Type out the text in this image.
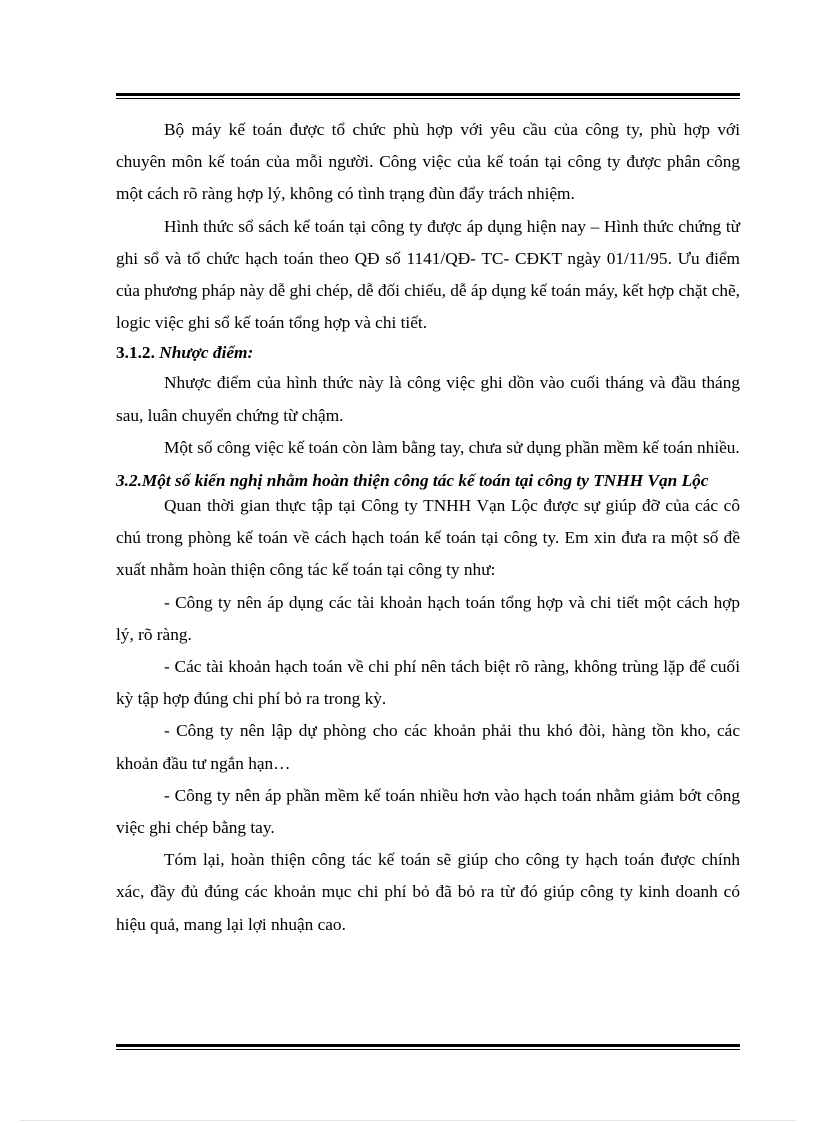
Bộ máy kế toán được tổ chức phù hợp với yêu cầu của công ty, phù hợp với chuyên môn kế toán của mỗi người. Công việc của kế toán tại công ty được phân công một cách rõ ràng hợp lý, không có tình trạng đùn đẩy trách nhiệm.

Hình thức sổ sách kế toán tại công ty được áp dụng hiện nay – Hình thức chứng từ ghi sổ và tổ chức hạch toán theo QĐ số 1141/QĐ- TC- CĐKT ngày 01/11/95. Ưu điểm của phương pháp này dễ ghi chép, dễ đối chiếu, dễ áp dụng kế toán máy, kết hợp chặt chẽ, logic việc ghi sổ kế toán tổng hợp và chi tiết.

3.1.2. Nhược điểm:

Nhược điểm của hình thức này là công việc ghi dồn vào cuối tháng và đầu tháng sau, luân chuyển chứng từ chậm.

Một số công việc kế toán còn làm bằng tay, chưa sử dụng phần mềm kế toán nhiều.

3.2.Một số kiến nghị nhằm hoàn thiện công tác kế toán tại công ty TNHH Vạn Lộc

Quan thời gian thực tập tại Công ty TNHH Vạn Lộc được sự giúp đỡ của các cô chú trong phòng kế toán về cách hạch toán kế toán tại công ty. Em xin đưa ra một số đề xuất nhằm hoàn thiện công tác kế toán tại công ty như:

- Công ty nên áp dụng các tài khoản hạch toán tổng hợp và chi tiết một cách hợp lý, rõ ràng.

- Các tài khoản hạch toán về chi phí nên tách biệt rõ ràng, không trùng lặp để cuối kỳ tập hợp đúng chi phí bỏ ra trong kỳ.

- Công ty nên lập dự phòng cho các khoản phải thu khó đòi, hàng tồn kho, các khoản đầu tư ngắn hạn…

- Công ty nên áp phần mềm kế toán nhiều hơn vào hạch toán nhằm giảm bớt công việc ghi chép bằng tay.

Tóm lại, hoàn thiện công tác kế toán sẽ giúp cho công ty hạch toán được chính xác, đầy đủ đúng các khoản mục chi phí bỏ đã bỏ ra từ đó giúp công ty kinh doanh có hiệu quả, mang lại lợi nhuận cao.
